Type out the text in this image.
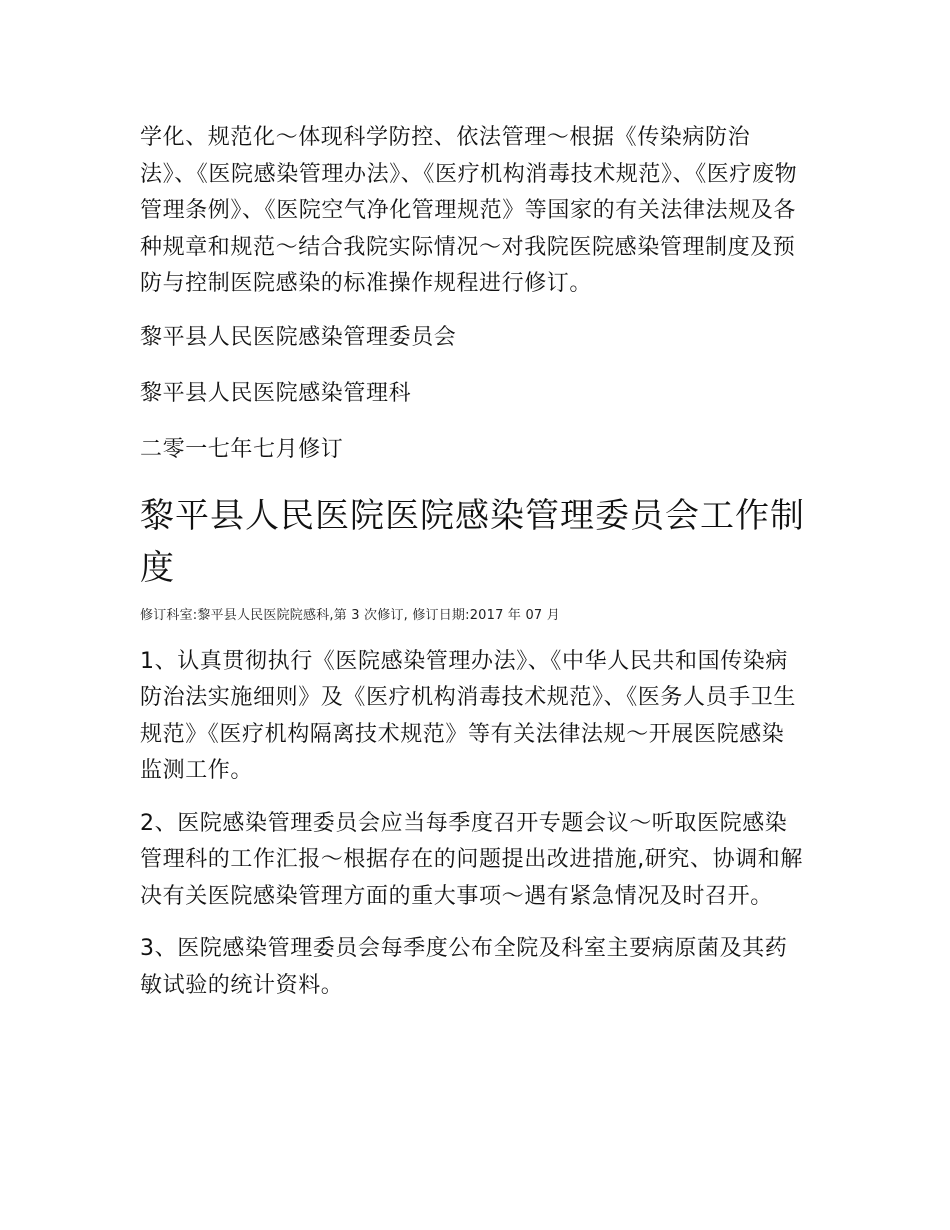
学化、规范化～体现科学防控、依法管理～根据《传染病防治法》、《医院感染管理办法》、《医疗机构消毒技术规范》、《医疗废物管理条例》、《医院空气净化管理规范》等国家的有关法律法规及各种规章和规范～结合我院实际情况～对我院医院感染管理制度及预防与控制医院感染的标准操作规程进行修订。

黎平县人民医院感染管理委员会

黎平县人民医院感染管理科

二零一七年七月修订

黎平县人民医院医院感染管理委员会工作制度

修订科室:黎平县人民医院院感科,第 3 次修订, 修订日期:2017 年 07 月

1、认真贯彻执行《医院感染管理办法》、《中华人民共和国传染病防治法实施细则》及《医疗机构消毒技术规范》、《医务人员手卫生规范》《医疗机构隔离技术规范》等有关法律法规～开展医院感染监测工作。

2、医院感染管理委员会应当每季度召开专题会议～听取医院感染管理科的工作汇报～根据存在的问题提出改进措施,研究、协调和解决有关医院感染管理方面的重大事项～遇有紧急情况及时召开。

3、医院感染管理委员会每季度公布全院及科室主要病原菌及其药敏试验的统计资料。
